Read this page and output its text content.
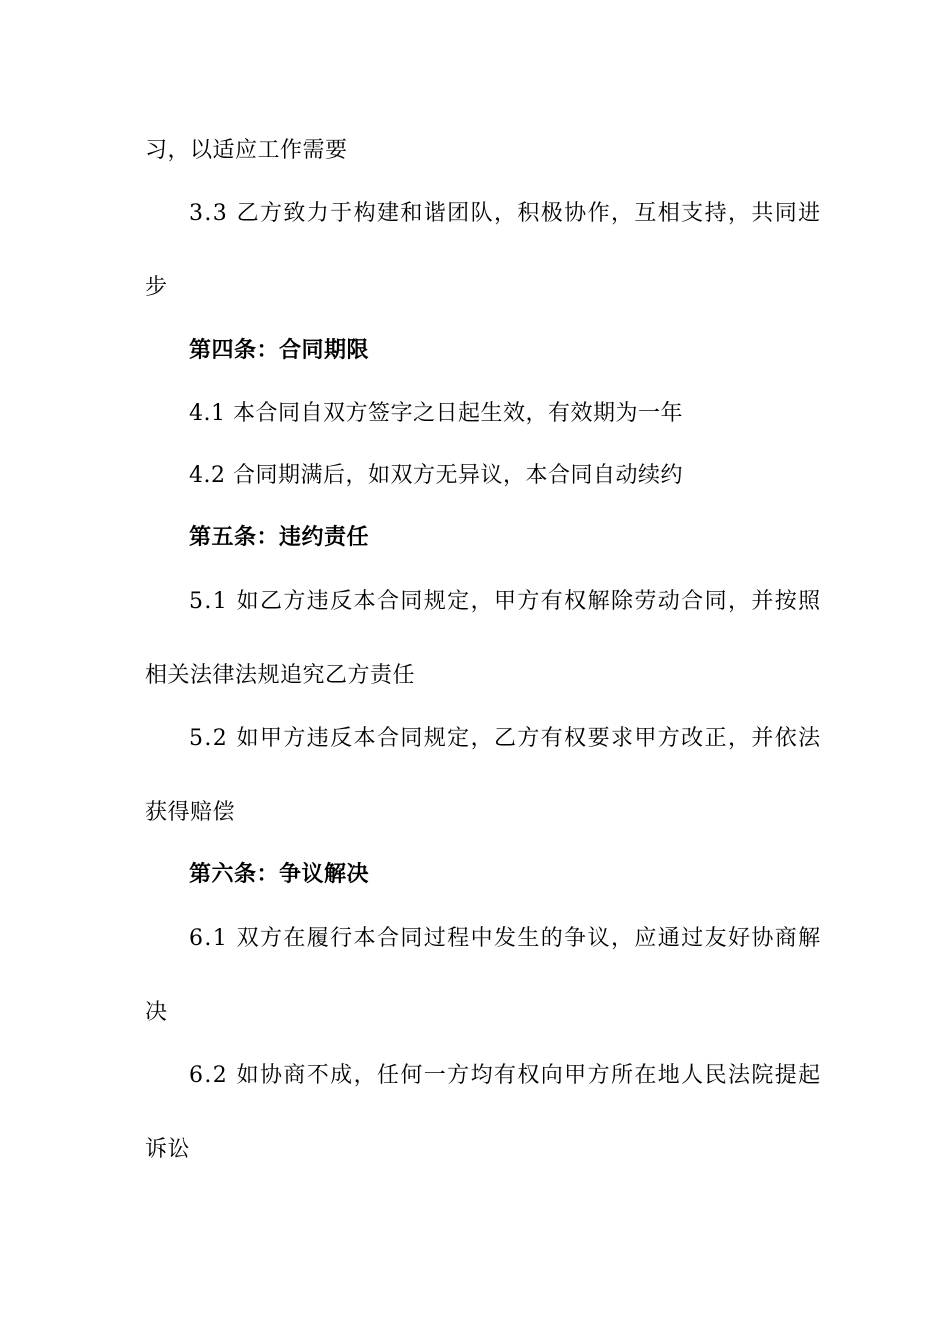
习，以适应工作需要
3.3 乙方致力于构建和谐团队，积极协作，互相支持，共同进
步
第四条：合同期限
4.1 本合同自双方签字之日起生效，有效期为一年
4.2 合同期满后，如双方无异议，本合同自动续约
第五条：违约责任
5.1 如乙方违反本合同规定，甲方有权解除劳动合同，并按照
相关法律法规追究乙方责任
5.2 如甲方违反本合同规定，乙方有权要求甲方改正，并依法
获得赔偿
第六条：争议解决
6.1 双方在履行本合同过程中发生的争议，应通过友好协商解
决
6.2 如协商不成，任何一方均有权向甲方所在地人民法院提起
诉讼
